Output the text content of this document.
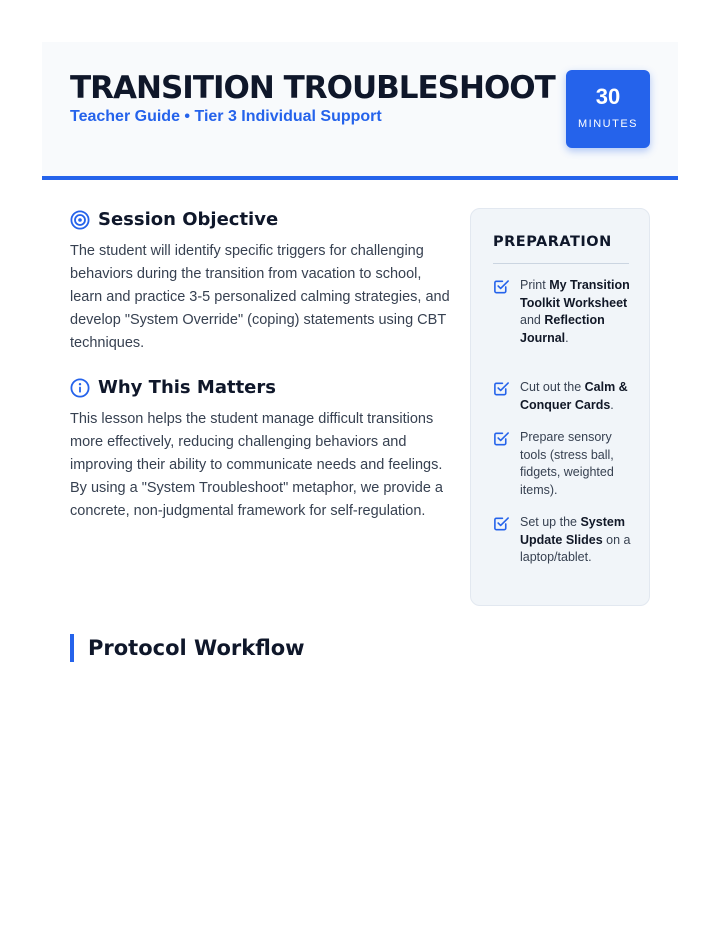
TRANSITION TROUBLESHOOT
Teacher Guide • Tier 3 Individual Support
30
MINUTES
Session Objective
The student will identify specific triggers for challenging behaviors during the transition from vacation to school, learn and practice 3-5 personalized calming strategies, and develop "System Override" (coping) statements using CBT techniques.
Why This Matters
This lesson helps the student manage difficult transitions more effectively, reducing challenging behaviors and improving their ability to communicate needs and feelings. By using a "System Troubleshoot" metaphor, we provide a concrete, non-judgmental framework for self-regulation.
PREPARATION
Print My Transition Toolkit Worksheet and Reflection Journal.
Cut out the Calm & Conquer Cards.
Prepare sensory tools (stress ball, fidgets, weighted items).
Set up the System Update Slides on a laptop/tablet.
Protocol Workflow
